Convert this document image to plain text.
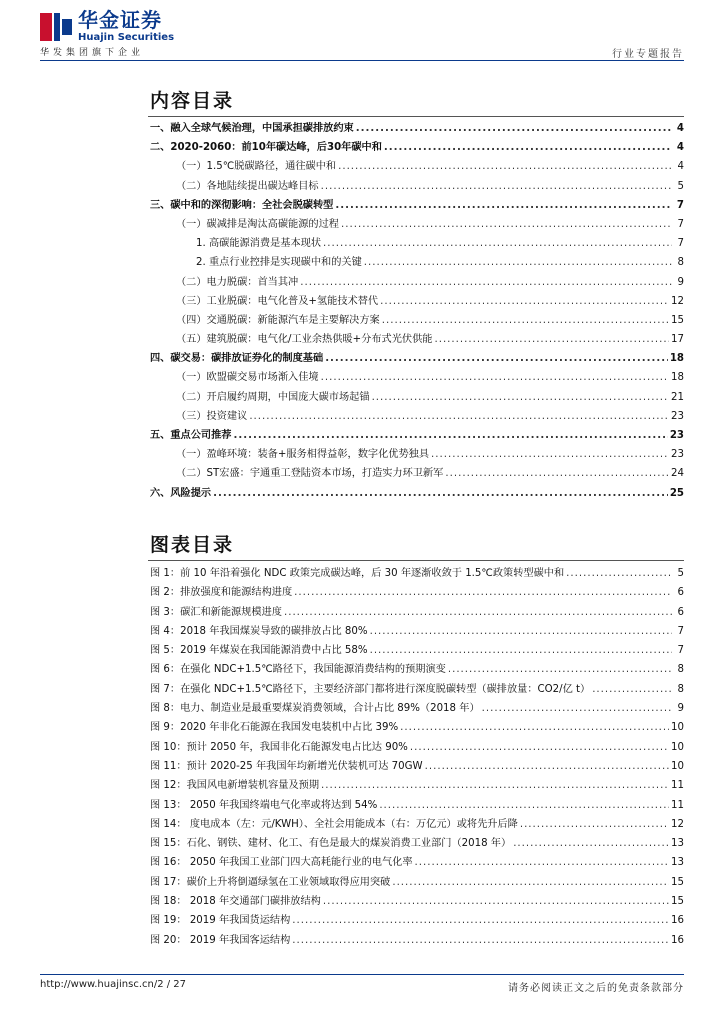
华金证券
Huajin Securities
华发集团旗下企业	行业专题报告
内容目录
一、融入全球气候治理，中国承担碳排放约束 .....	4
二、2020-2060：前10年碳达峰，后30年碳中和 .....	4
（一）1.5℃脱碳路径，通往碳中和 .....	4
（二）各地陆续提出碳达峰目标 .....	5
三、碳中和的深彻影响：全社会脱碳转型 .....	7
（一）碳减排是淘汰高碳能源的过程 .....	7
1. 高碳能源消费是基本现状 .....	7
2. 重点行业控排是实现碳中和的关键 .....	8
（二）电力脱碳：首当其冲 .....	9
（三）工业脱碳：电气化普及+氢能技术替代 .....	12
（四）交通脱碳：新能源汽车是主要解决方案 .....	15
（五）建筑脱碳：电气化/工业余热供暖+分布式光伏供能 .....	17
四、碳交易：碳排放证券化的制度基础 .....	18
（一）欧盟碳交易市场渐入佳境 .....	18
（二）开启履约周期，中国庞大碳市场起锚 .....	21
（三）投资建议 .....	23
五、重点公司推荐 .....	23
（一）盈峰环境：装备+服务相得益彰，数字化优势独具 .....	23
（二）ST宏盛：宇通重工登陆资本市场，打造实力环卫新军 .....	24
六、风险提示 .....	25
图表目录
图 1：前 10 年沿着强化 NDC 政策完成碳达峰，后 30 年逐渐收敛于 1.5℃政策转型碳中和 .....	5
图 2：排放强度和能源结构进度 .....	6
图 3：碳汇和新能源规模进度 .....	6
图 4：2018 年我国煤炭导致的碳排放占比 80% .....	7
图 5：2019 年煤炭在我国能源消费中占比 58% .....	7
图 6：在强化 NDC+1.5℃路径下，我国能源消费结构的预期演变 .....	8
图 7：在强化 NDC+1.5℃路径下，主要经济部门都将进行深度脱碳转型（碳排放量：CO2/亿 t） .....	8
图 8：电力、制造业是最重要煤炭消费领域，合计占比 89%（2018 年） .....	9
图 9：2020 年非化石能源在我国发电装机中占比 39% .....	10
图 10：预计 2050 年，我国非化石能源发电占比达 90% .....	10
图 11：预计 2020-25 年我国年均新增光伏装机可达 70GW .....	10
图 12：我国风电新增装机容量及预期 .....	11
图 13： 2050 年我国终端电气化率或将达到 54% .....	11
图 14： 度电成本（左：元/KWH）、全社会用能成本（右：万亿元）或将先升后降 .....	12
图 15：石化、钢铁、建材、化工、有色是最大的煤炭消费工业部门（2018 年） .....	13
图 16： 2050 年我国工业部门四大高耗能行业的电气化率 .....	13
图 17：碳价上升将倒逼绿氢在工业领域取得应用突破 .....	15
图 18： 2018 年交通部门碳排放结构 .....	15
图 19： 2019 年我国货运结构 .....	16
图 20： 2019 年我国客运结构 .....	16
http://www.huajinsc.cn/2 / 27	请务必阅读正文之后的免责条款部分
